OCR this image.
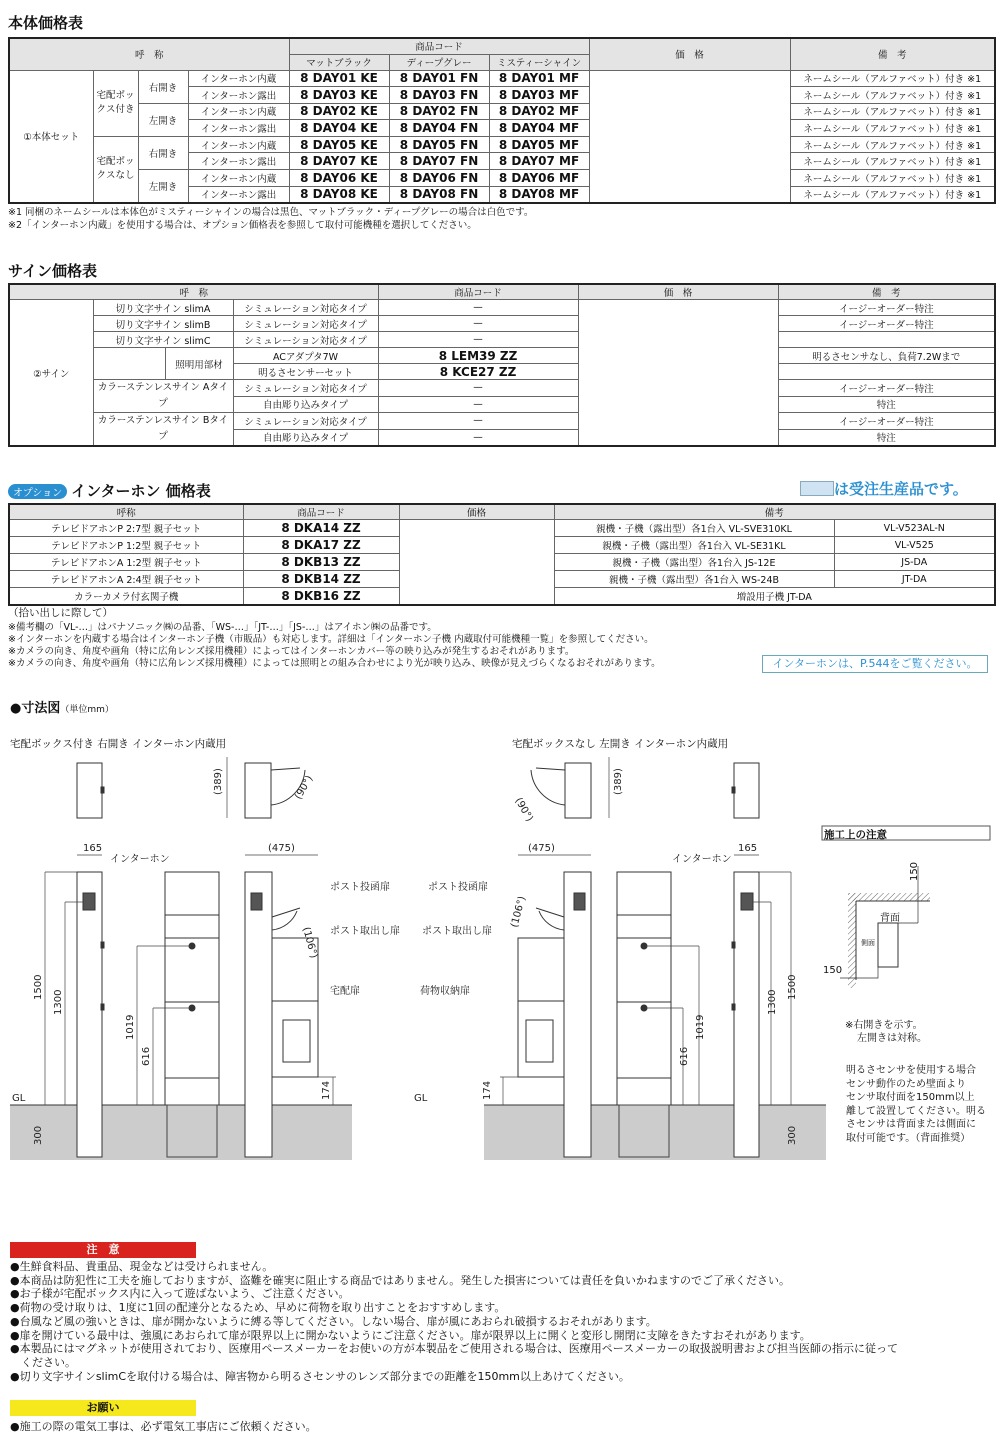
本体価格表
呼　称				商品コード			価　格	備　考
				マットブラック	ディープグレー	ミスティーシャイン		
①本体セット	宅配ボックス付き	右開き	インターホン内蔵	8 DAY01 KE	8 DAY01 FN	8 DAY01 MF		ネームシール（アルファベット）付き ※1
			インターホン露出	8 DAY03 KE	8 DAY03 FN	8 DAY03 MF		ネームシール（アルファベット）付き ※1
		左開き	インターホン内蔵	8 DAY02 KE	8 DAY02 FN	8 DAY02 MF		ネームシール（アルファベット）付き ※1
			インターホン露出	8 DAY04 KE	8 DAY04 FN	8 DAY04 MF		ネームシール（アルファベット）付き ※1
	宅配ボックスなし	右開き	インターホン内蔵	8 DAY05 KE	8 DAY05 FN	8 DAY05 MF		ネームシール（アルファベット）付き ※1
			インターホン露出	8 DAY07 KE	8 DAY07 FN	8 DAY07 MF		ネームシール（アルファベット）付き ※1
		左開き	インターホン内蔵	8 DAY06 KE	8 DAY06 FN	8 DAY06 MF		ネームシール（アルファベット）付き ※1
			インターホン露出	8 DAY08 KE	8 DAY08 FN	8 DAY08 MF		ネームシール（アルファベット）付き ※1
※1 同梱のネームシールは本体色がミスティーシャインの場合は黒色、マットブラック・ディープグレーの場合は白色です。
※2「インターホン内蔵」を使用する場合は、オプション価格表を参照して取付可能機種を選択してください。
サイン価格表
呼　称				商品コード	価　格	備　考
②サイン	切り文字サイン slimA		シミュレーション対応タイプ	—		イージーオーダー特注
	切り文字サイン slimB		シミュレーション対応タイプ	—		イージーオーダー特注
	切り文字サイン slimC		シミュレーション対応タイプ	—		
		照明用部材	ACアダプタ7W	8 LEM39 ZZ		明るさセンサなし、負荷7.2Wまで
			明るさセンサーセット	8 KCE27 ZZ		
	カラーステンレスサイン Aタイプ		シミュレーション対応タイプ	—		イージーオーダー特注
			自由彫り込みタイプ	—		特注
	カラーステンレスサイン Bタイプ		シミュレーション対応タイプ	—		イージーオーダー特注
			自由彫り込みタイプ	—		特注
オプション インターホン 価格表	は受注生産品です。
呼称	商品コード	価格	備考	
テレビドアホンP 2:7型 親子セット	8 DKA14 ZZ		親機・子機（露出型）各1台入 VL-SVE310KL	VL-V523AL-N
テレビドアホンP 1:2型 親子セット	8 DKA17 ZZ		親機・子機（露出型）各1台入 VL-SE31KL	VL-V525
テレビドアホンA 1:2型 親子セット	8 DKB13 ZZ		親機・子機（露出型）各1台入 JS-12E	JS-DA
テレビドアホンA 2:4型 親子セット	8 DKB14 ZZ		親機・子機（露出型）各1台入 WS-24B	JT-DA
カラーカメラ付玄関子機	8 DKB16 ZZ		増設用子機 JT-DA	
（拾い出しに際して）
※備考欄の「VL-…」はパナソニック㈱の品番、「WS-…」「JT-…」「JS-…」はアイホン㈱の品番です。
※インターホンを内蔵する場合はインターホン子機（市販品）も対応します。詳細は「インターホン子機 内蔵取付可能機種一覧」を参照してください。
※カメラの向き、角度や画角（特に広角レンズ採用機種）によってはインターホンカバー等の映り込みが発生するおそれがあります。
※カメラの向き、角度や画角（特に広角レンズ採用機種）によっては照明との組み合わせにより光が映り込み、映像が見えづらくなるおそれがあります。	インターホンは、P.544をご覧ください。
●寸法図（単位mm）
宅配ボックス付き 右開き インターホン内蔵用	宅配ボックスなし 左開き インターホン内蔵用
165
インターホン
(475)
(389)	(90°)
(106°)
ポスト投函扉
ポスト取出し扉
宅配扉
1500
1300
1019
616
174
GL
300
165
インターホン
(475)
(389)
(90°)
(106°)
ポスト投函扉
ポスト取出し扉
荷物収納扉	1500
1300
1019
616
174
GL
300
施工上の注意
背面
側面
150
150
※右開きを示す。
左開きは対称。
明るさセンサを使用する場合
センサ動作のため壁面より
センサ取付面を150mm以上
離して設置してください。明る
さセンサは背面または側面に
取付可能です。（背面推奨）
注　意
●生鮮食料品、貴重品、現金などは受けられません。
●本商品は防犯性に工夫を施しておりますが、盗難を確実に阻止する商品ではありません。発生した損害については責任を負いかねますのでご了承ください。
●お子様が宅配ボックス内に入って遊ばないよう、ご注意ください。
●荷物の受け取りは、1度に1回の配達分となるため、早めに荷物を取り出すことをおすすめします。
●台風など風の強いときは、扉が開かないように縛る等してください。しない場合、扉が風にあおられ破損するおそれがあります。
●扉を開けている最中は、強風にあおられて扉が限界以上に開かないようにご注意ください。扉が限界以上に開くと変形し開閉に支障をきたすおそれがあります。
●本製品にはマグネットが使用されており、医療用ペースメーカーをお使いの方が本製品をご使用される場合は、医療用ペースメーカーの取扱説明書および担当医師の指示に従って
　ください。
●切り文字サインslimCを取付ける場合は、障害物から明るさセンサのレンズ部分までの距離を150mm以上あけてください。
お願い
●施工の際の電気工事は、必ず電気工事店にご依頼ください。
